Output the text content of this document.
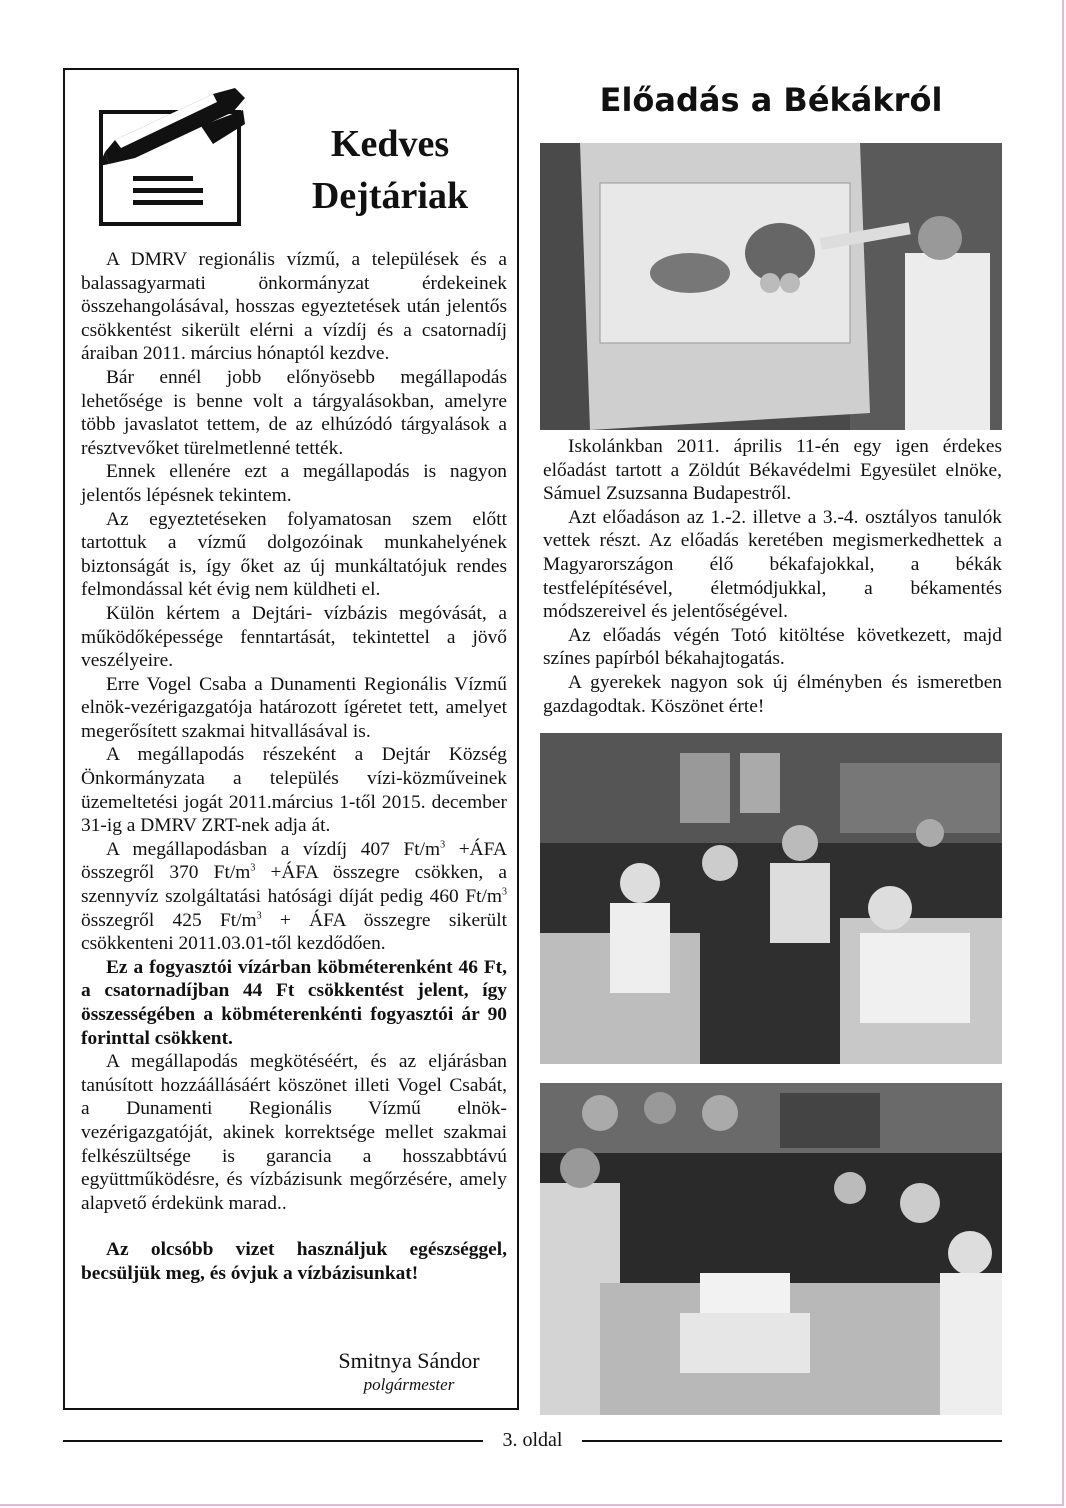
Kedves
Dejtáriak

A DMRV regionális vízmű, a települések és a balassagyarmati önkormányzat érdekeinek összehangolásával, hosszas egyeztetések után jelentős csökkentést sikerült elérni a vízdíj és a csatornadíj áraiban 2011. március hónaptól kezdve.

Bár ennél jobb előnyösebb megállapodás lehetősége is benne volt a tárgyalásokban, amelyre több javaslatot tettem, de az elhúzódó tárgyalások a résztvevőket türelmetlenné tették.

Ennek ellenére ezt a megállapodás is nagyon jelentős lépésnek tekintem.

Az egyeztetéseken folyamatosan szem előtt tartottuk a vízmű dolgozóinak munkahelyének biztonságát is, így őket az új munkáltatójuk rendes felmondással két évig nem küldheti el.

Külön kértem a Dejtári- vízbázis megóvását, a működőképessége fenntartását, tekintettel a jövő veszélyeire.

Erre Vogel Csaba a Dunamenti Regionális Vízmű elnök-vezérigazgatója határozott ígéretet tett, amelyet megerősített szakmai hitvallásával is.

A megállapodás részeként a Dejtár Község Önkormányzata a település vízi-közműveinek üzemeltetési jogát 2011.március 1-től 2015. december 31-ig a DMRV ZRT-nek adja át.

A megállapodásban a vízdíj 407 $Ft/m^3$ +ÁFA összegről 370 $Ft/m^3$ +ÁFA összegre csökken, a szennyvíz szolgáltatási hatósági díját pedig 460 $Ft/m^3$ összegről 425 $Ft/m^3$ + ÁFA összegre sikerült csökkenteni 2011.03.01-től kezdődően.

Ez a fogyasztói vízárban köbméterenként 46 Ft, a csatornadíjban 44 Ft csökkentést jelent, így összességében a köbméterenkénti fogyasztói ár 90 forinttal csökkent.

A megállapodás megkötéséért, és az eljárásban tanúsított hozzáállásáért köszönet illeti Vogel Csabát, a Dunamenti Regionális Vízmű elnök-vezérigazgatóját, akinek korrektsége mellet szakmai felkészültsége is garancia a hosszabbtávú együttműködésre, és vízbázisunk megőrzésére, amely alapvető érdekünk marad..

Az olcsóbb vizet használjuk egészséggel, becsüljük meg, és óvjuk a vízbázisunkat!

Smitnya Sándor
polgármester
Előadás a Békákról

Iskolánkban 2011. április 11-én egy igen érdekes előadást tartott a Zöldút Békavédelmi Egyesület elnöke, Sámuel Zsuzsanna Budapestről.

Azt előadáson az 1.-2. illetve a 3.-4. osztályos tanulók vettek részt. Az előadás keretében megismerkedhettek a Magyarországon élő békafajokkal, a békák testfelépítésével, életmódjukkal, a békamentés módszereivel és jelentőségével.

Az előadás végén Totó kitöltése következett, majd színes papírból békahajtogatás.

A gyerekek nagyon sok új élményben és ismeretben gazdagodtak. Köszönet érte!

3. oldal
